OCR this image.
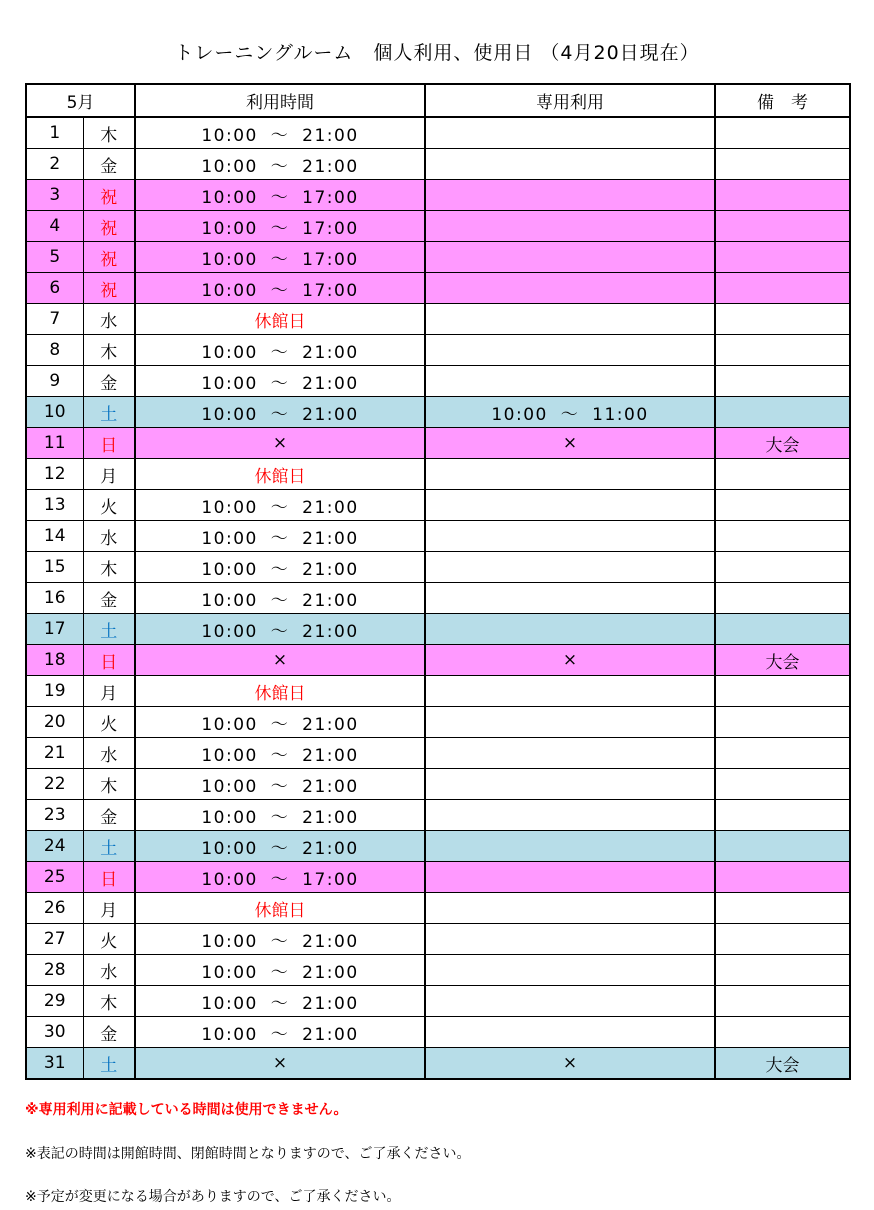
トレーニングルーム　個人利用、使用日 （4月20日現在）
5月		利用時間	専用利用	備　考
1	木	10:00 ～ 21:00		
2	金	10:00 ～ 21:00		
3	祝	10:00 ～ 17:00		
4	祝	10:00 ～ 17:00		
5	祝	10:00 ～ 17:00		
6	祝	10:00 ～ 17:00		
7	水	休館日		
8	木	10:00 ～ 21:00		
9	金	10:00 ～ 21:00		
10	土	10:00 ～ 21:00	10:00 ～ 11:00	
11	日	×	×	大会
12	月	休館日		
13	火	10:00 ～ 21:00		
14	水	10:00 ～ 21:00		
15	木	10:00 ～ 21:00		
16	金	10:00 ～ 21:00		
17	土	10:00 ～ 21:00		
18	日	×	×	大会
19	月	休館日		
20	火	10:00 ～ 21:00		
21	水	10:00 ～ 21:00		
22	木	10:00 ～ 21:00		
23	金	10:00 ～ 21:00		
24	土	10:00 ～ 21:00		
25	日	10:00 ～ 17:00		
26	月	休館日		
27	火	10:00 ～ 21:00		
28	水	10:00 ～ 21:00		
29	木	10:00 ～ 21:00		
30	金	10:00 ～ 21:00		
31	土	×	×	大会
※専用利用に記載している時間は使用できません。
※表記の時間は開館時間、閉館時間となりますので、ご了承ください。
※予定が変更になる場合がありますので、ご了承ください。
